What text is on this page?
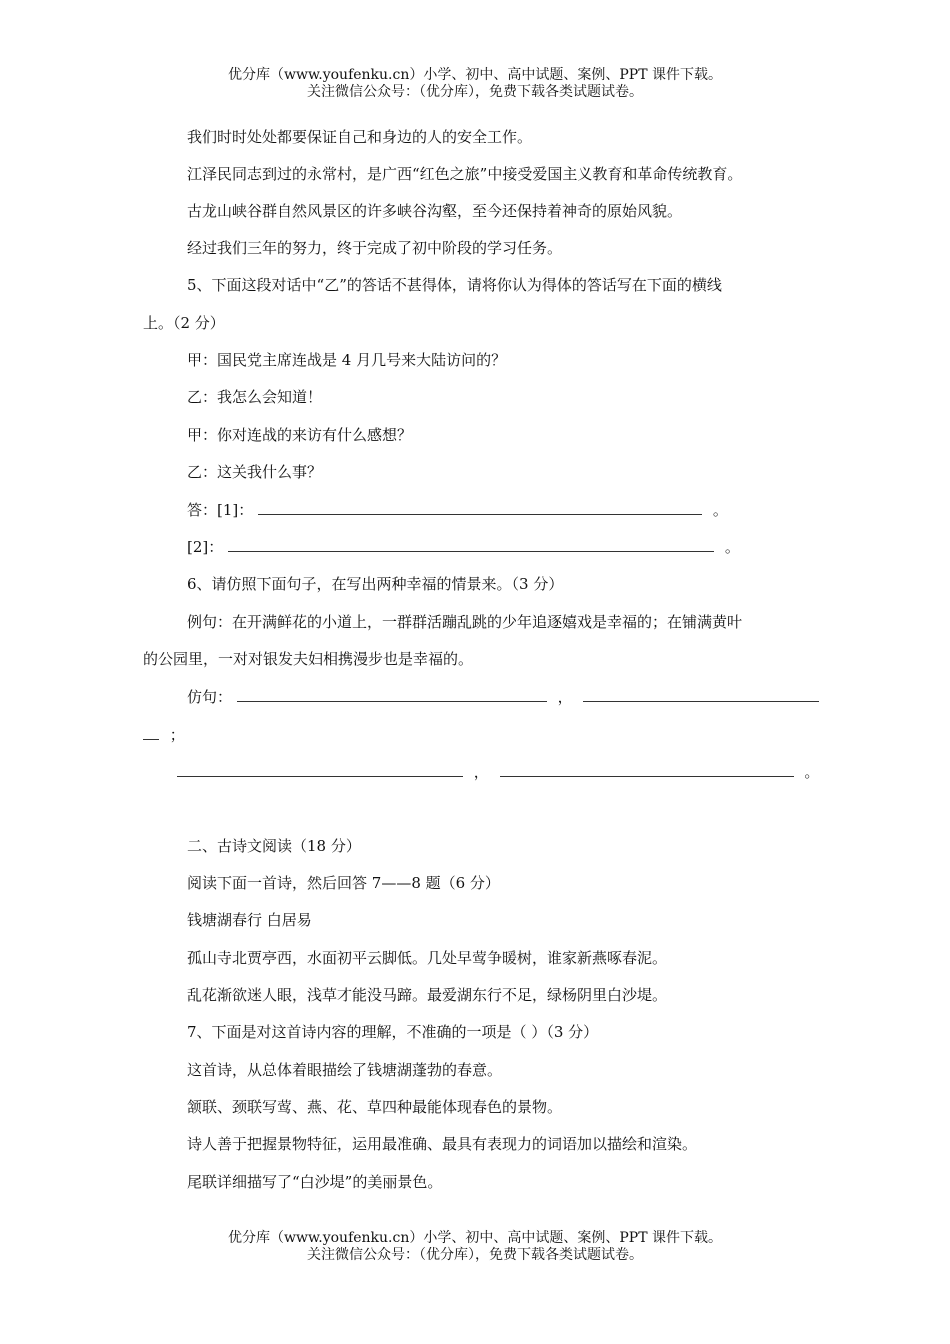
优分库（www.youfenku.cn）小学、初中、高中试题、案例、PPT 课件下载。
关注微信公众号：（优分库），免费下载各类试题试卷。
我们时时处处都要保证自己和身边的人的安全工作。
江泽民同志到过的永常村，是广西“红色之旅”中接受爱国主义教育和革命传统教育。
古龙山峡谷群自然风景区的许多峡谷沟壑，至今还保持着神奇的原始风貌。
经过我们三年的努力，终于完成了初中阶段的学习任务。
5、下面这段对话中“乙”的答话不甚得体，请将你认为得体的答话写在下面的横线
上。（2 分）
甲：国民党主席连战是 4 月几号来大陆访问的？
乙：我怎么会知道！
甲：你对连战的来访有什么感想？
乙：这关我什么事？
答：[1]：	。
[2]：	。
6、请仿照下面句子，在写出两种幸福的情景来。（3 分）
例句：在开满鲜花的小道上，一群群活蹦乱跳的少年追逐嬉戏是幸福的；在铺满黄叶
的公园里，一对对银发夫妇相携漫步也是幸福的。
仿句：	，
；
，	。
二、古诗文阅读（18 分）
阅读下面一首诗，然后回答 7——8 题（6 分）
钱塘湖春行 白居易
孤山寺北贾亭西，水面初平云脚低。几处早莺争暖树，谁家新燕啄春泥。
乱花渐欲迷人眼，浅草才能没马蹄。最爱湖东行不足，绿杨阴里白沙堤。
7、下面是对这首诗内容的理解，不准确的一项是（ ）（3 分）
这首诗，从总体着眼描绘了钱塘湖蓬勃的春意。
颔联、颈联写莺、燕、花、草四种最能体现春色的景物。
诗人善于把握景物特征，运用最准确、最具有表现力的词语加以描绘和渲染。
尾联详细描写了“白沙堤”的美丽景色。
优分库（www.youfenku.cn）小学、初中、高中试题、案例、PPT 课件下载。
关注微信公众号：（优分库），免费下载各类试题试卷。
